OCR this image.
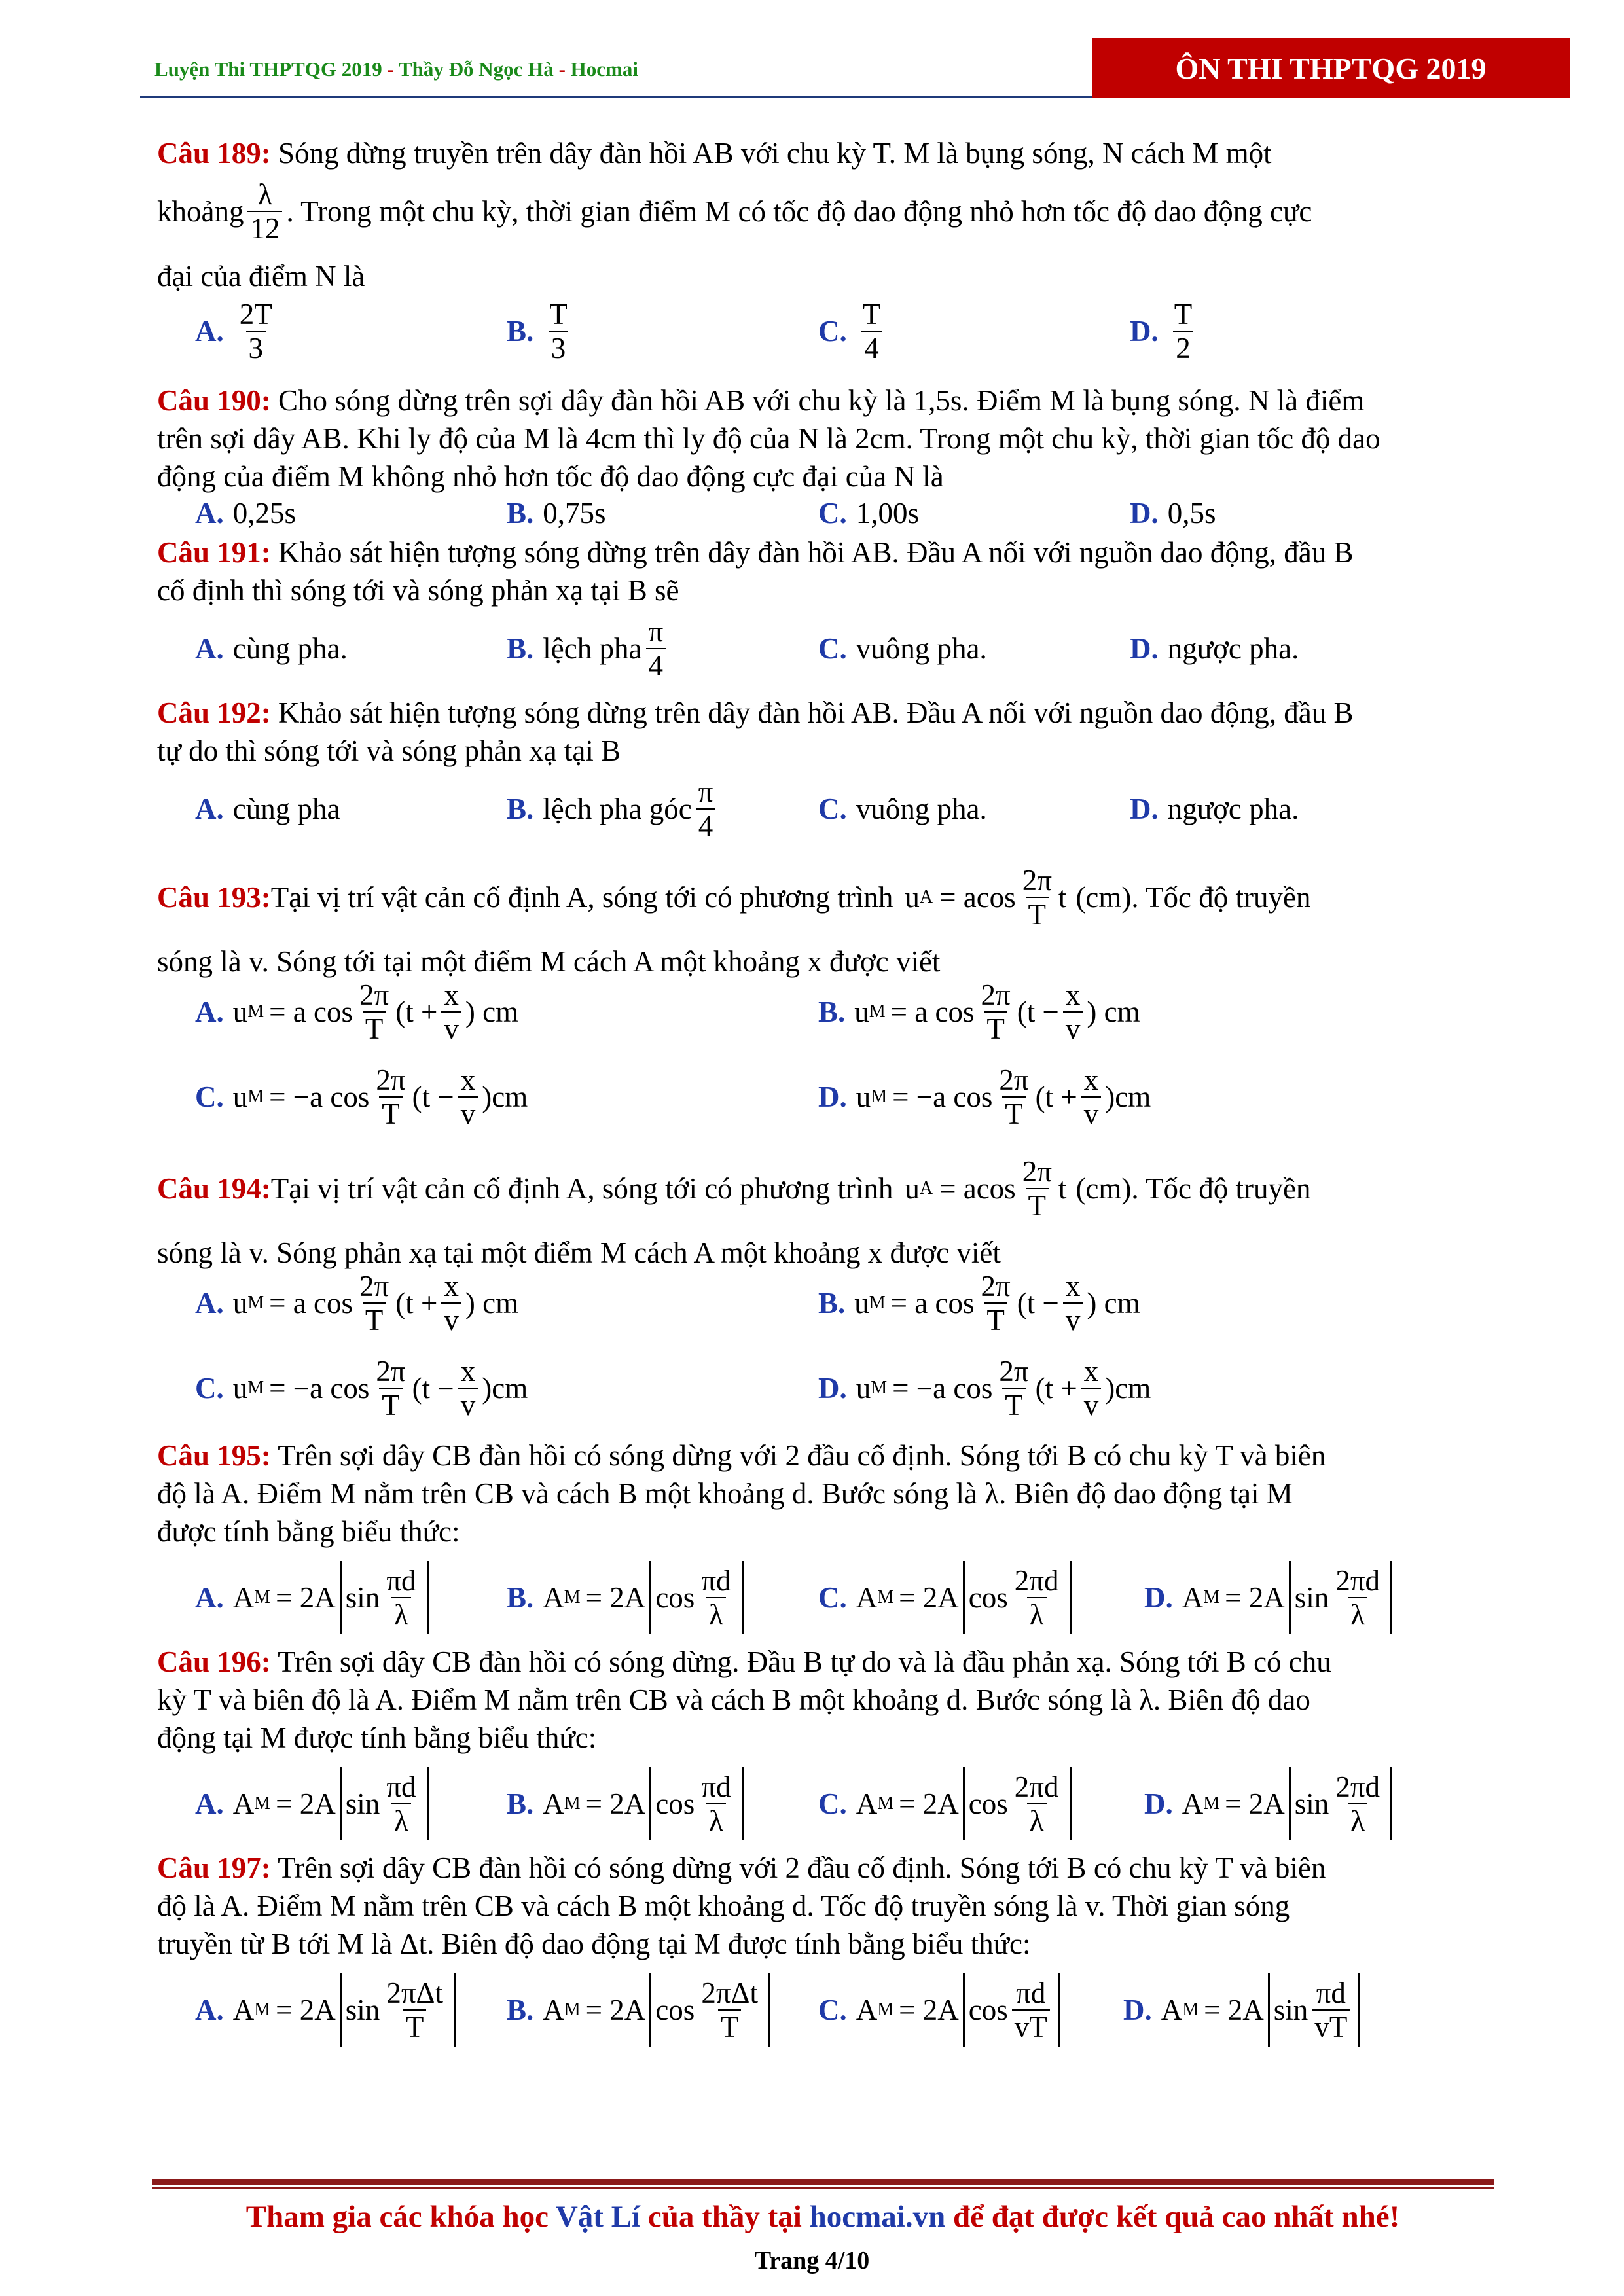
Luyện Thi THPTQG 2019 - Thầy Đỗ Ngọc Hà - Hocmai	ÔN THI THPTQG 2019
Câu 189: Sóng dừng truyền trên dây đàn hồi AB với chu kỳ T. M là bụng sóng, N cách M một
khoảng $\frac{\lambda}{12}$ . Trong một chu kỳ, thời gian điểm M có tốc độ dao động nhỏ hơn tốc độ dao động cực
đại của điểm N là
A. $\frac{2T}{3}$	B. $\frac{T}{3}$	C. $\frac{T}{4}$	D. $\frac{T}{2}$
Câu 190: Cho sóng dừng trên sợi dây đàn hồi AB với chu kỳ là 1,5s. Điểm M là bụng sóng. N là điểm
trên sợi dây AB. Khi ly độ của M là 4cm thì ly độ của N là 2cm. Trong một chu kỳ, thời gian tốc độ dao
động của điểm M không nhỏ hơn tốc độ dao động cực đại của N là
A. 0,25s	B. 0,75s	C. 1,00s	D. 0,5s
Câu 191: Khảo sát hiện tượng sóng dừng trên dây đàn hồi AB. Đầu A nối với nguồn dao động, đầu B
cố định thì sóng tới và sóng phản xạ tại B sẽ
A. cùng pha.	B. lệch pha $\frac{\pi}{4}$	C. vuông pha.	D. ngược pha.
Câu 192: Khảo sát hiện tượng sóng dừng trên dây đàn hồi AB. Đầu A nối với nguồn dao động, đầu B
tự do thì sóng tới và sóng phản xạ tại B
A. cùng pha	B. lệch pha góc $\frac{\pi}{4}$	C. vuông pha.	D. ngược pha.
Câu 193: Tại vị trí vật cản cố định A, sóng tới có phương trình u A = acos $\frac{2\pi}{T}$ t (cm). Tốc độ truyền
sóng là v. Sóng tới tại một điểm M cách A một khoảng x được viết
A. u M = a $\cos \frac{2\pi}{T} (t + \frac{x}{v}$ ) cm	B. u M = a $\cos \frac{2\pi}{T} (t - \frac{x}{v}$ ) cm
C. u M = −a $\cos \frac{2\pi}{T} (t - \frac{x}{v} )cm$	D. u M = −a $\cos \frac{2\pi}{T} (t + \frac{x}{v} )cm$
Câu 194: Tại vị trí vật cản cố định A, sóng tới có phương trình u A = acos $\frac{2\pi}{T}$ t (cm). Tốc độ truyền
sóng là v. Sóng phản xạ tại một điểm M cách A một khoảng x được viết
A. u M = a $\cos \frac{2\pi}{T} (t + \frac{x}{v}$ ) cm	B. u M = a $\cos \frac{2\pi}{T} (t - \frac{x}{v}$ ) cm
C. u M = −a $\cos \frac{2\pi}{T} (t - \frac{x}{v} )cm$	D. u M = −a $\cos \frac{2\pi}{T} (t + \frac{x}{v} )cm$
Câu 195: Trên sợi dây CB đàn hồi có sóng dừng với 2 đầu cố định. Sóng tới B có chu kỳ T và biên
độ là A. Điểm M nằm trên CB và cách B một khoảng d. Bước sóng là λ. Biên độ dao động tại M
được tính bằng biểu thức:
A. A M = 2A $\sin \frac{\pi d}{\lambda}$	B. A M = 2A $\cos \frac{\pi d}{\lambda}$	C. A M = 2A $\cos \frac{2\pi d}{\lambda}$	D. A M = 2A $\sin \frac{2\pi d}{\lambda}$
Câu 196: Trên sợi dây CB đàn hồi có sóng dừng. Đầu B tự do và là đầu phản xạ. Sóng tới B có chu
kỳ T và biên độ là A. Điểm M nằm trên CB và cách B một khoảng d. Bước sóng là λ. Biên độ dao
động tại M được tính bằng biểu thức:
A. A M = 2A $\sin \frac{\pi d}{\lambda}$	B. A M = 2A $\cos \frac{\pi d}{\lambda}$	C. A M = 2A $\cos \frac{2\pi d}{\lambda}$	D. A M = 2A $\sin \frac{2\pi d}{\lambda}$
Câu 197: Trên sợi dây CB đàn hồi có sóng dừng với 2 đầu cố định. Sóng tới B có chu kỳ T và biên
độ là A. Điểm M nằm trên CB và cách B một khoảng d. Tốc độ truyền sóng là v. Thời gian sóng
truyền từ B tới M là Δt. Biên độ dao động tại M được tính bằng biểu thức:
A. A M = 2A $\sin \frac{\text{2πΔt}}{T} B$. A M = 2A $\cos \frac{\text{2πΔt}}{T} C$. A M = 2A $\cos \frac{\pi d}{vT} D$. A M = 2A $\sin \frac{\pi d}{vT}$
Tham gia các khóa học Vật Lí của thầy tại hocmai.vn để đạt được kết quả cao nhất nhé!
Trang 4/10
